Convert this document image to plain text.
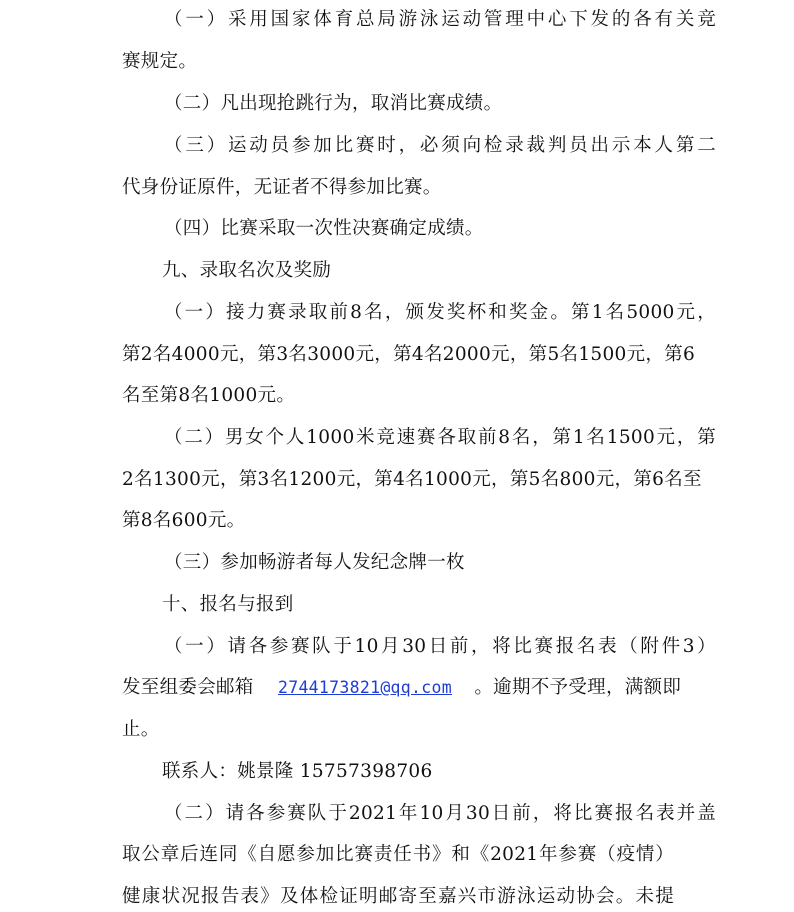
（一）采用国家体育总局游泳运动管理中心下发的各有关竞
赛规定。
（二）凡出现抢跳行为，取消比赛成绩。
（三）运动员参加比赛时，必须向检录裁判员出示本人第二
代身份证原件，无证者不得参加比赛。
（四）比赛采取一次性决赛确定成绩。
九、录取名次及奖励
（一）接力赛录取前8名，颁发奖杯和奖金。第1名5000元，
第2名4000元，第3名3000元，第4名2000元，第5名1500元，第6
名至第8名1000元。
（二）男女个人1000米竞速赛各取前8名，第1名1500元，第
2名1300元，第3名1200元，第4名1000元，第5名800元，第6名至
第8名600元。
（三）参加畅游者每人发纪念牌一枚
十、报名与报到
（一）请各参赛队于10月30日前，将比赛报名表（附件3）
发至组委会邮箱 2744173821@qq.com 。逾期不予受理，满额即
止。
联系人：姚景隆 15757398706
（二）请各参赛队于2021年10月30日前，将比赛报名表并盖
取公章后连同《自愿参加比赛责任书》和《2021年参赛（疫情）
健康状况报告表》及体检证明邮寄至嘉兴市游泳运动协会。未提
